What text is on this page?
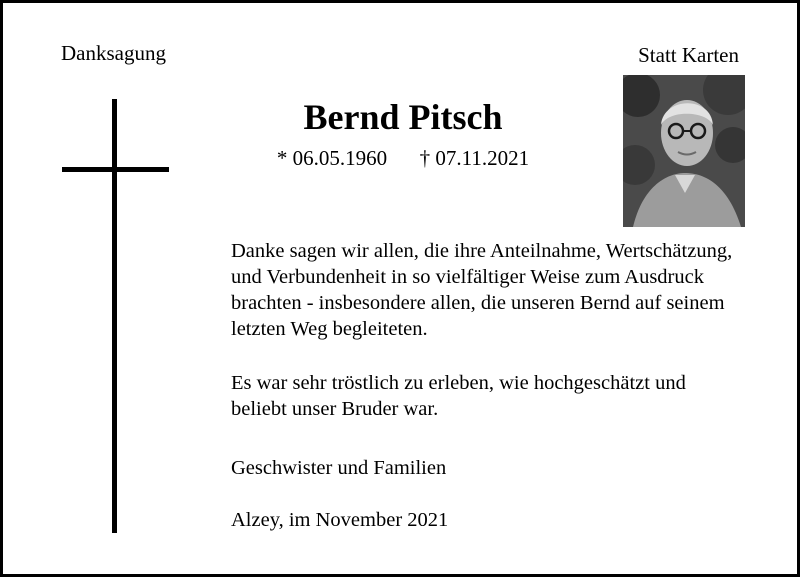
Danksagung	Statt Karten
Bernd Pitsch
* 06.05.1960 † 07.11.2021
Danke sagen wir allen, die ihre Anteilnahme, Wertschätzung,
und Verbundenheit in so vielfältiger Weise zum Ausdruck
brachten - insbesondere allen, die unseren Bernd auf seinem
letzten Weg begleiteten.
Es war sehr tröstlich zu erleben, wie hochgeschätzt und
beliebt unser Bruder war.
Geschwister und Familien
Alzey, im November 2021
